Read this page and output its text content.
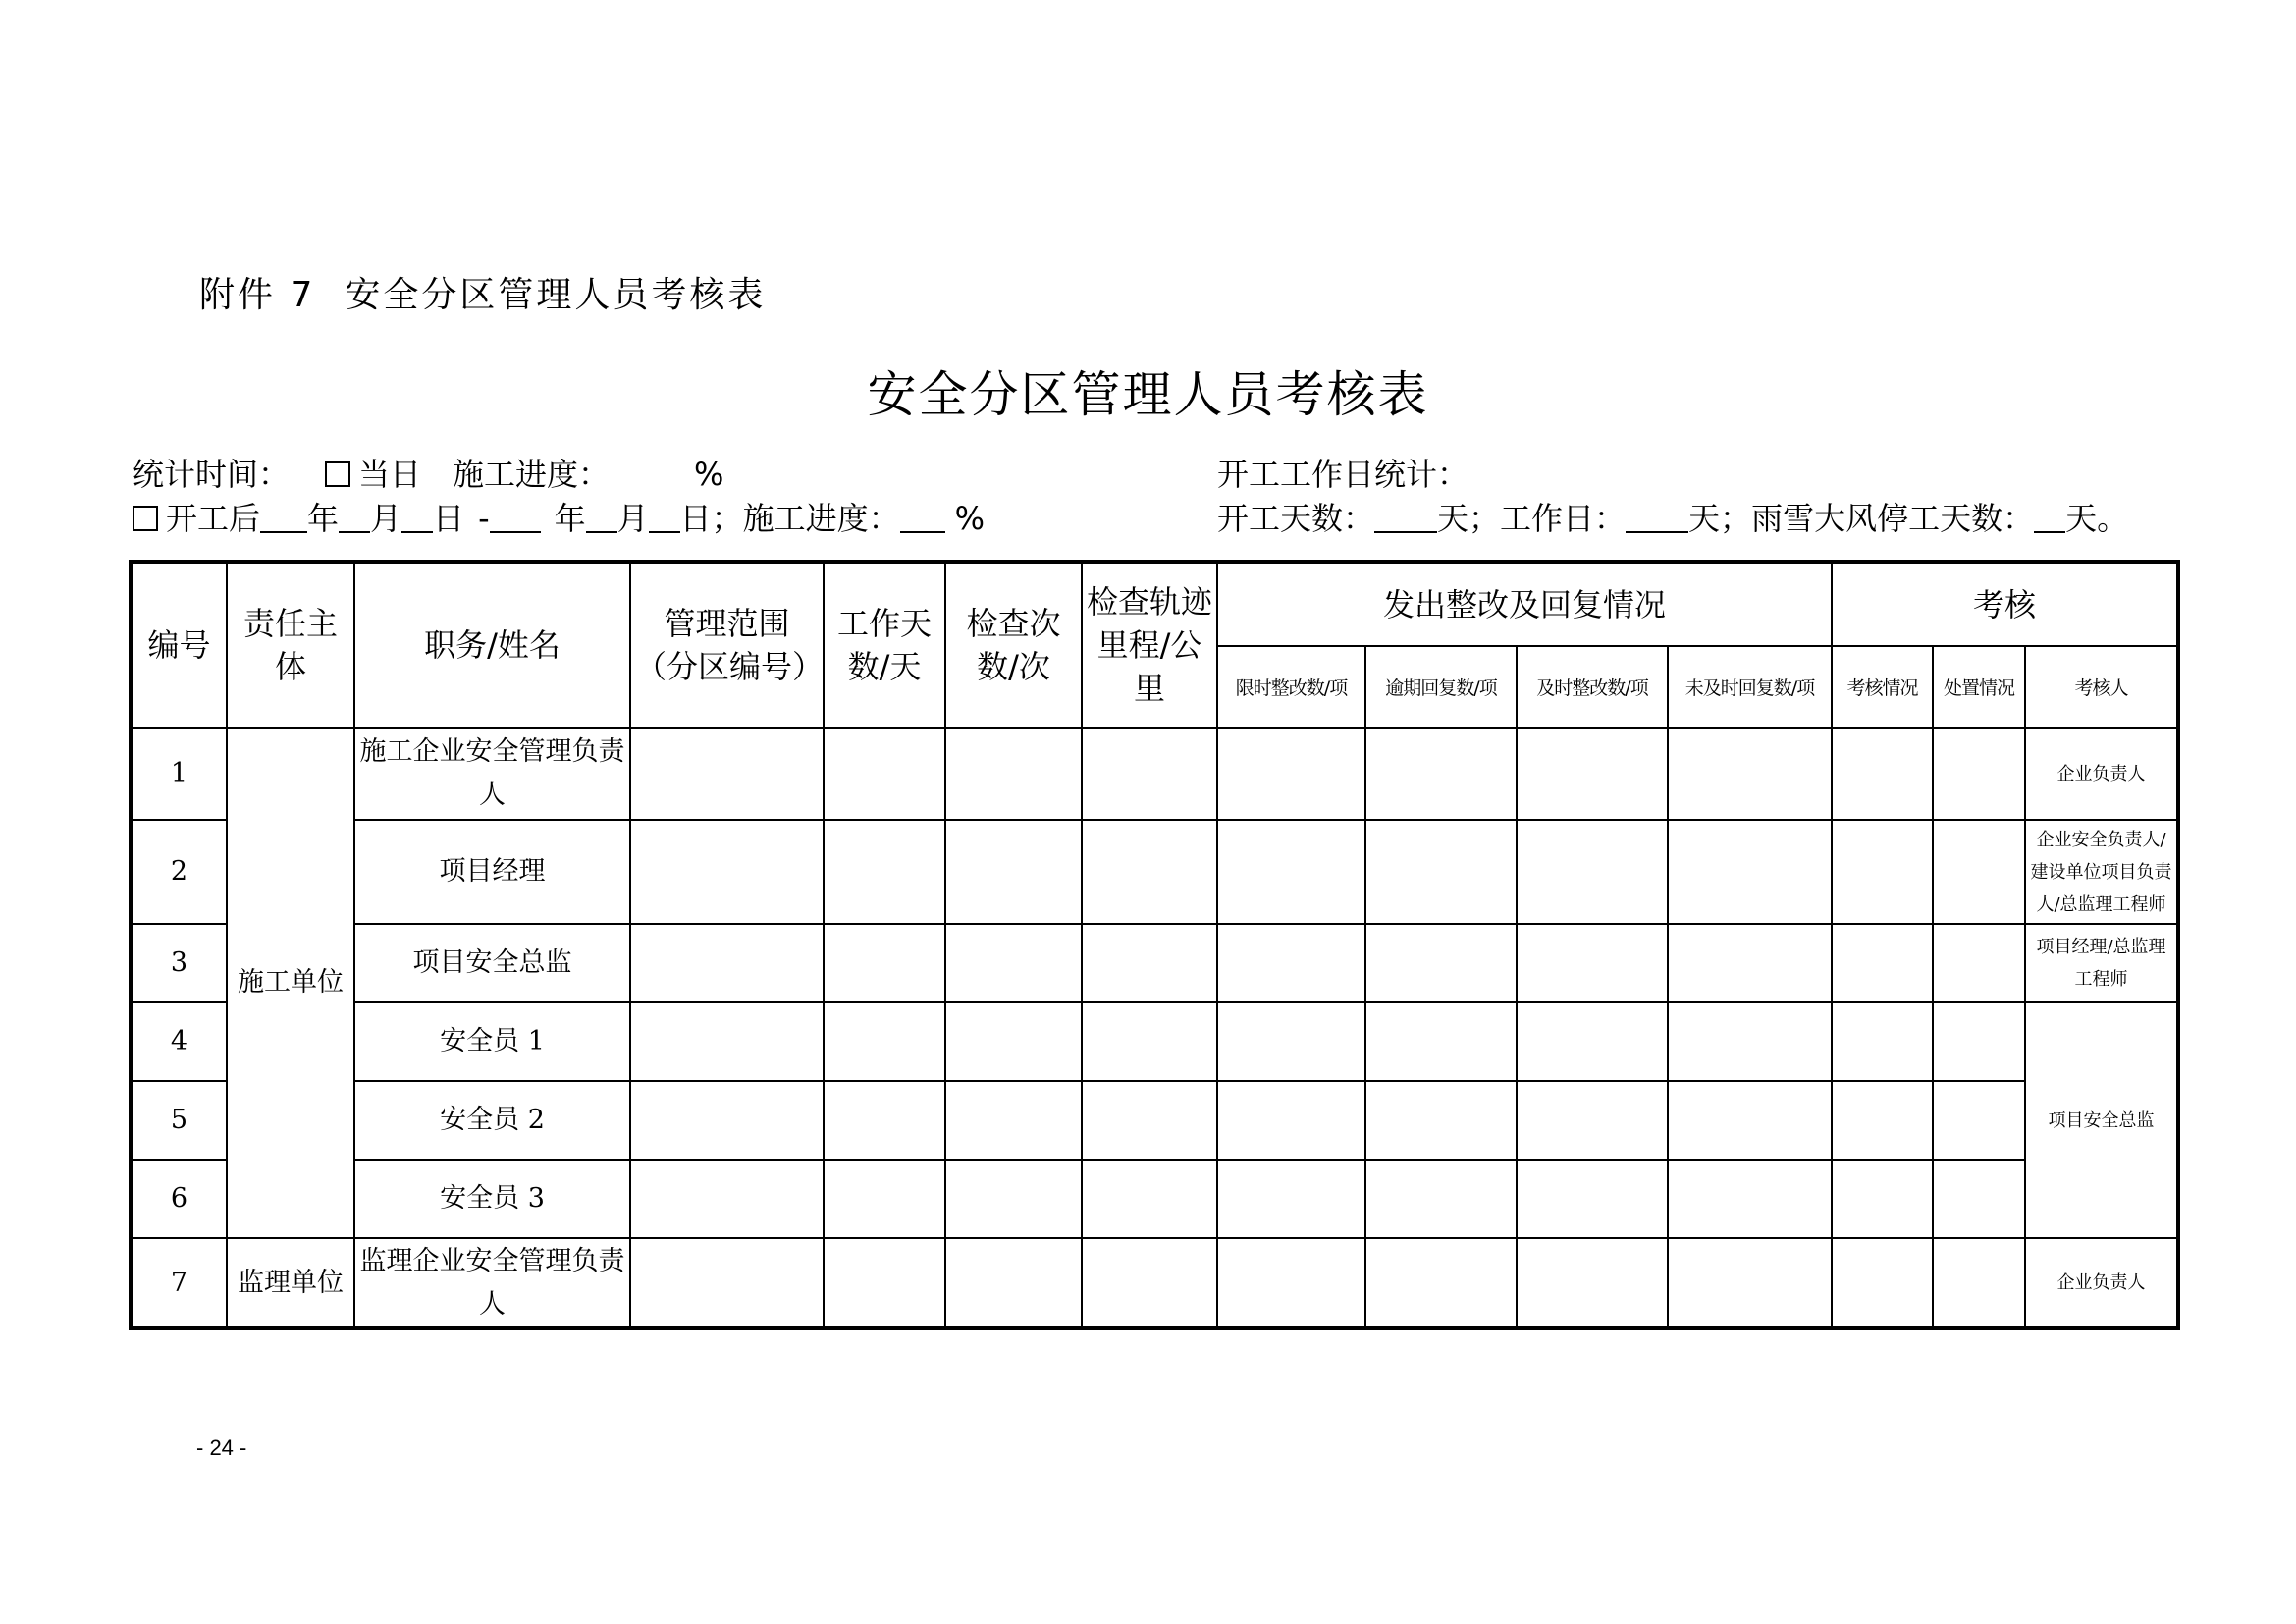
附件 7 安全分区管理人员考核表
安全分区管理人员考核表
统计时间： 当日 施工进度：	%	开工工作日统计：
开工后 年 月 日 - 年 月 日；施工进度： %	开工天数： 天；工作日： 天；雨雪大风停工天数： 天。
编号	责任主体	职务/姓名	管理范围（分区编号）	工作天数/天	检查次数/次	检查轨迹里程/公里	发出整改及回复情况				考核		
							限时整改数/项	逾期回复数/项	及时整改数/项	未及时回复数/项	考核情况	处置情况	考核人
1	施工单位	施工企业安全管理负责人											企业负责人
2		项目经理											企业安全负责人/建设单位项目负责人/总监理工程师
3		项目安全总监											项目经理/总监理工程师
4		安全员 1											项目安全总监
5		安全员 2											
6		安全员 3											
7	监理单位	监理企业安全管理负责人											企业负责人
- 24 -
